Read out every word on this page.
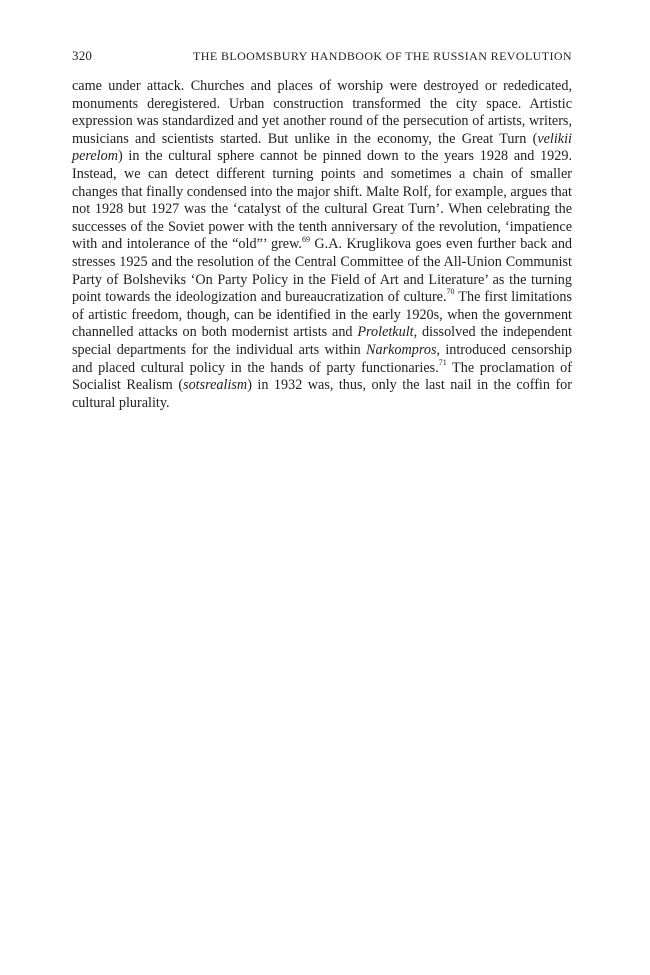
320	THE BLOOMSBURY HANDBOOK OF THE RUSSIAN REVOLUTION

came under attack. Churches and places of worship were destroyed or rededicated, monuments deregistered. Urban construction transformed the city space. Artistic expression was standardized and yet another round of the persecution of artists, writers, musicians and scientists started. But unlike in the economy, the Great Turn (velikii perelom) in the cultural sphere cannot be pinned down to the years 1928 and 1929. Instead, we can detect different turning points and sometimes a chain of smaller changes that finally condensed into the major shift. Malte Rolf, for example, argues that not 1928 but 1927 was the ‘catalyst of the cultural Great Turn’. When celebrating the successes of the Soviet power with the tenth anniversary of the revolution, ‘impatience with and intolerance of the “old”’ grew.$^{69}$ G.A. Kruglikova goes even further back and stresses 1925 and the resolution of the Central Committee of the All-Union Communist Party of Bolsheviks ‘On Party Policy in the Field of Art and Literature’ as the turning point towards the ideologization and bureaucratization of culture.$^{70}$ The first limitations of artistic freedom, though, can be identified in the early 1920s, when the government channelled attacks on both modernist artists and Proletkult, dissolved the independent special departments for the individual arts within Narkompros, introduced censorship and placed cultural policy in the hands of party functionaries.$^{71}$ The proclamation of Socialist Realism (sotsrealism) in 1932 was, thus, only the last nail in the coffin for cultural plurality.
